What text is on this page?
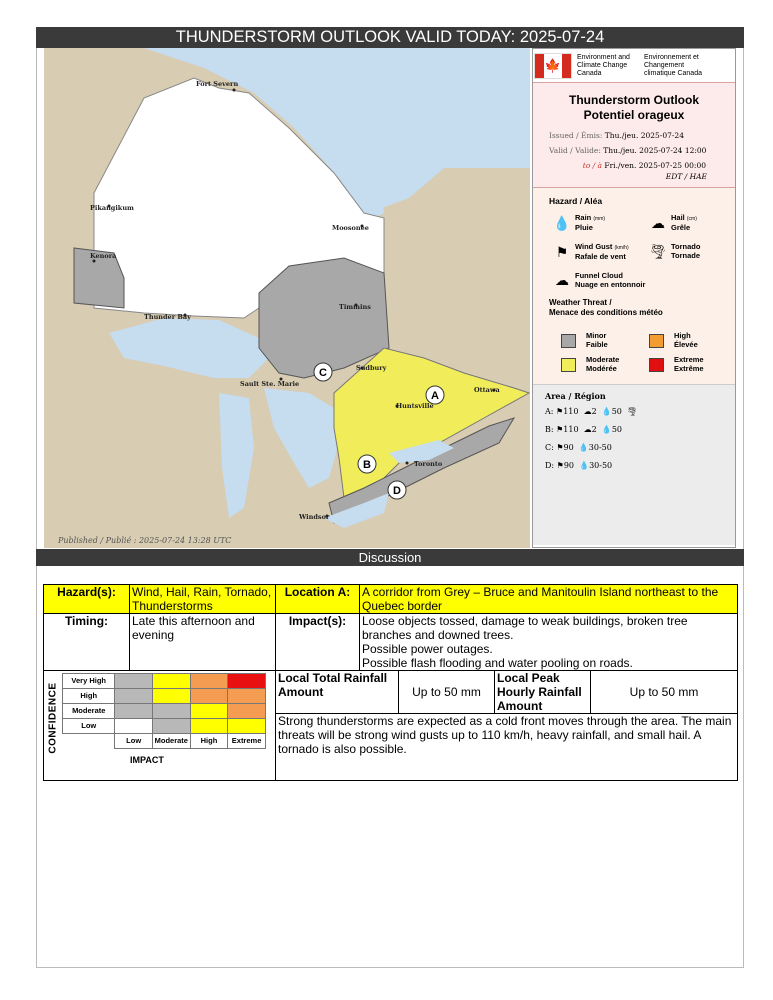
THUNDERSTORM OUTLOOK VALID TODAY: 2025-07-24
A
B
C
D
Fort Severn
Pikangikum
Kenora
Moosonee
Thunder Bay
Timmins
Sudbury
Sault Ste. Marie
Huntsville
Ottawa
Toronto
Windsor
Published / Publié : 2025-07-24 13:28 UTC
🍁
Environment and Climate Change Canada
Environnement et Changement climatique Canada
Thunderstorm Outlook
Potentiel orageux
Issued / Émis: Thu./jeu. 2025-07-24
Valid / Valide: Thu./jeu. 2025-07-24 12:00
to / à Fri./ven. 2025-07-25 00:00
EDT / HAE
Hazard / Aléa
💧 Rain (mm)
Pluie	☁ Hail (cm)
Grêle
⚑ Wind Gust (km/h)
Rafale de vent 🌪 Tornado
Tornade
☁ Funnel Cloud
Nuage en entonnoir
Weather Threat /
Menace des conditions météo
Minor
Faible
High
Élevée
Moderate
Modérée
Extreme
Extrême
Area / Région
A: ⚑110  ☁2  💧50 🌪
B: ⚑110  ☁2  💧50
C: ⚑90  💧30-50
D: ⚑90  💧30-50
Discussion
Hazard(s):	Wind, Hail, Rain, Tornado, Thunderstorms	Location A:	A corridor from Grey – Bruce and Manitoulin Island northeast to the Quebec border
Timing:	Late this afternoon and evening	Impact(s):	Loose objects tossed, damage to weak buildings, broken tree branches and downed trees.
Possible power outages.
Possible flash flooding and water pooling on roads.

CONFIDENCE
Very High				
High				
Moderate				
Low				
	Low	Moderate	High	Extreme
IMPACT
	Local Total Rainfall Amount	Up to 50 mm	Local Peak Hourly Rainfall Amount	Up to 50 mm
Strong thunderstorms are expected as a cold front moves through the area. The main threats will be strong wind gusts up to 110 km/h, heavy rainfall, and small hail. A tornado is also possible.
